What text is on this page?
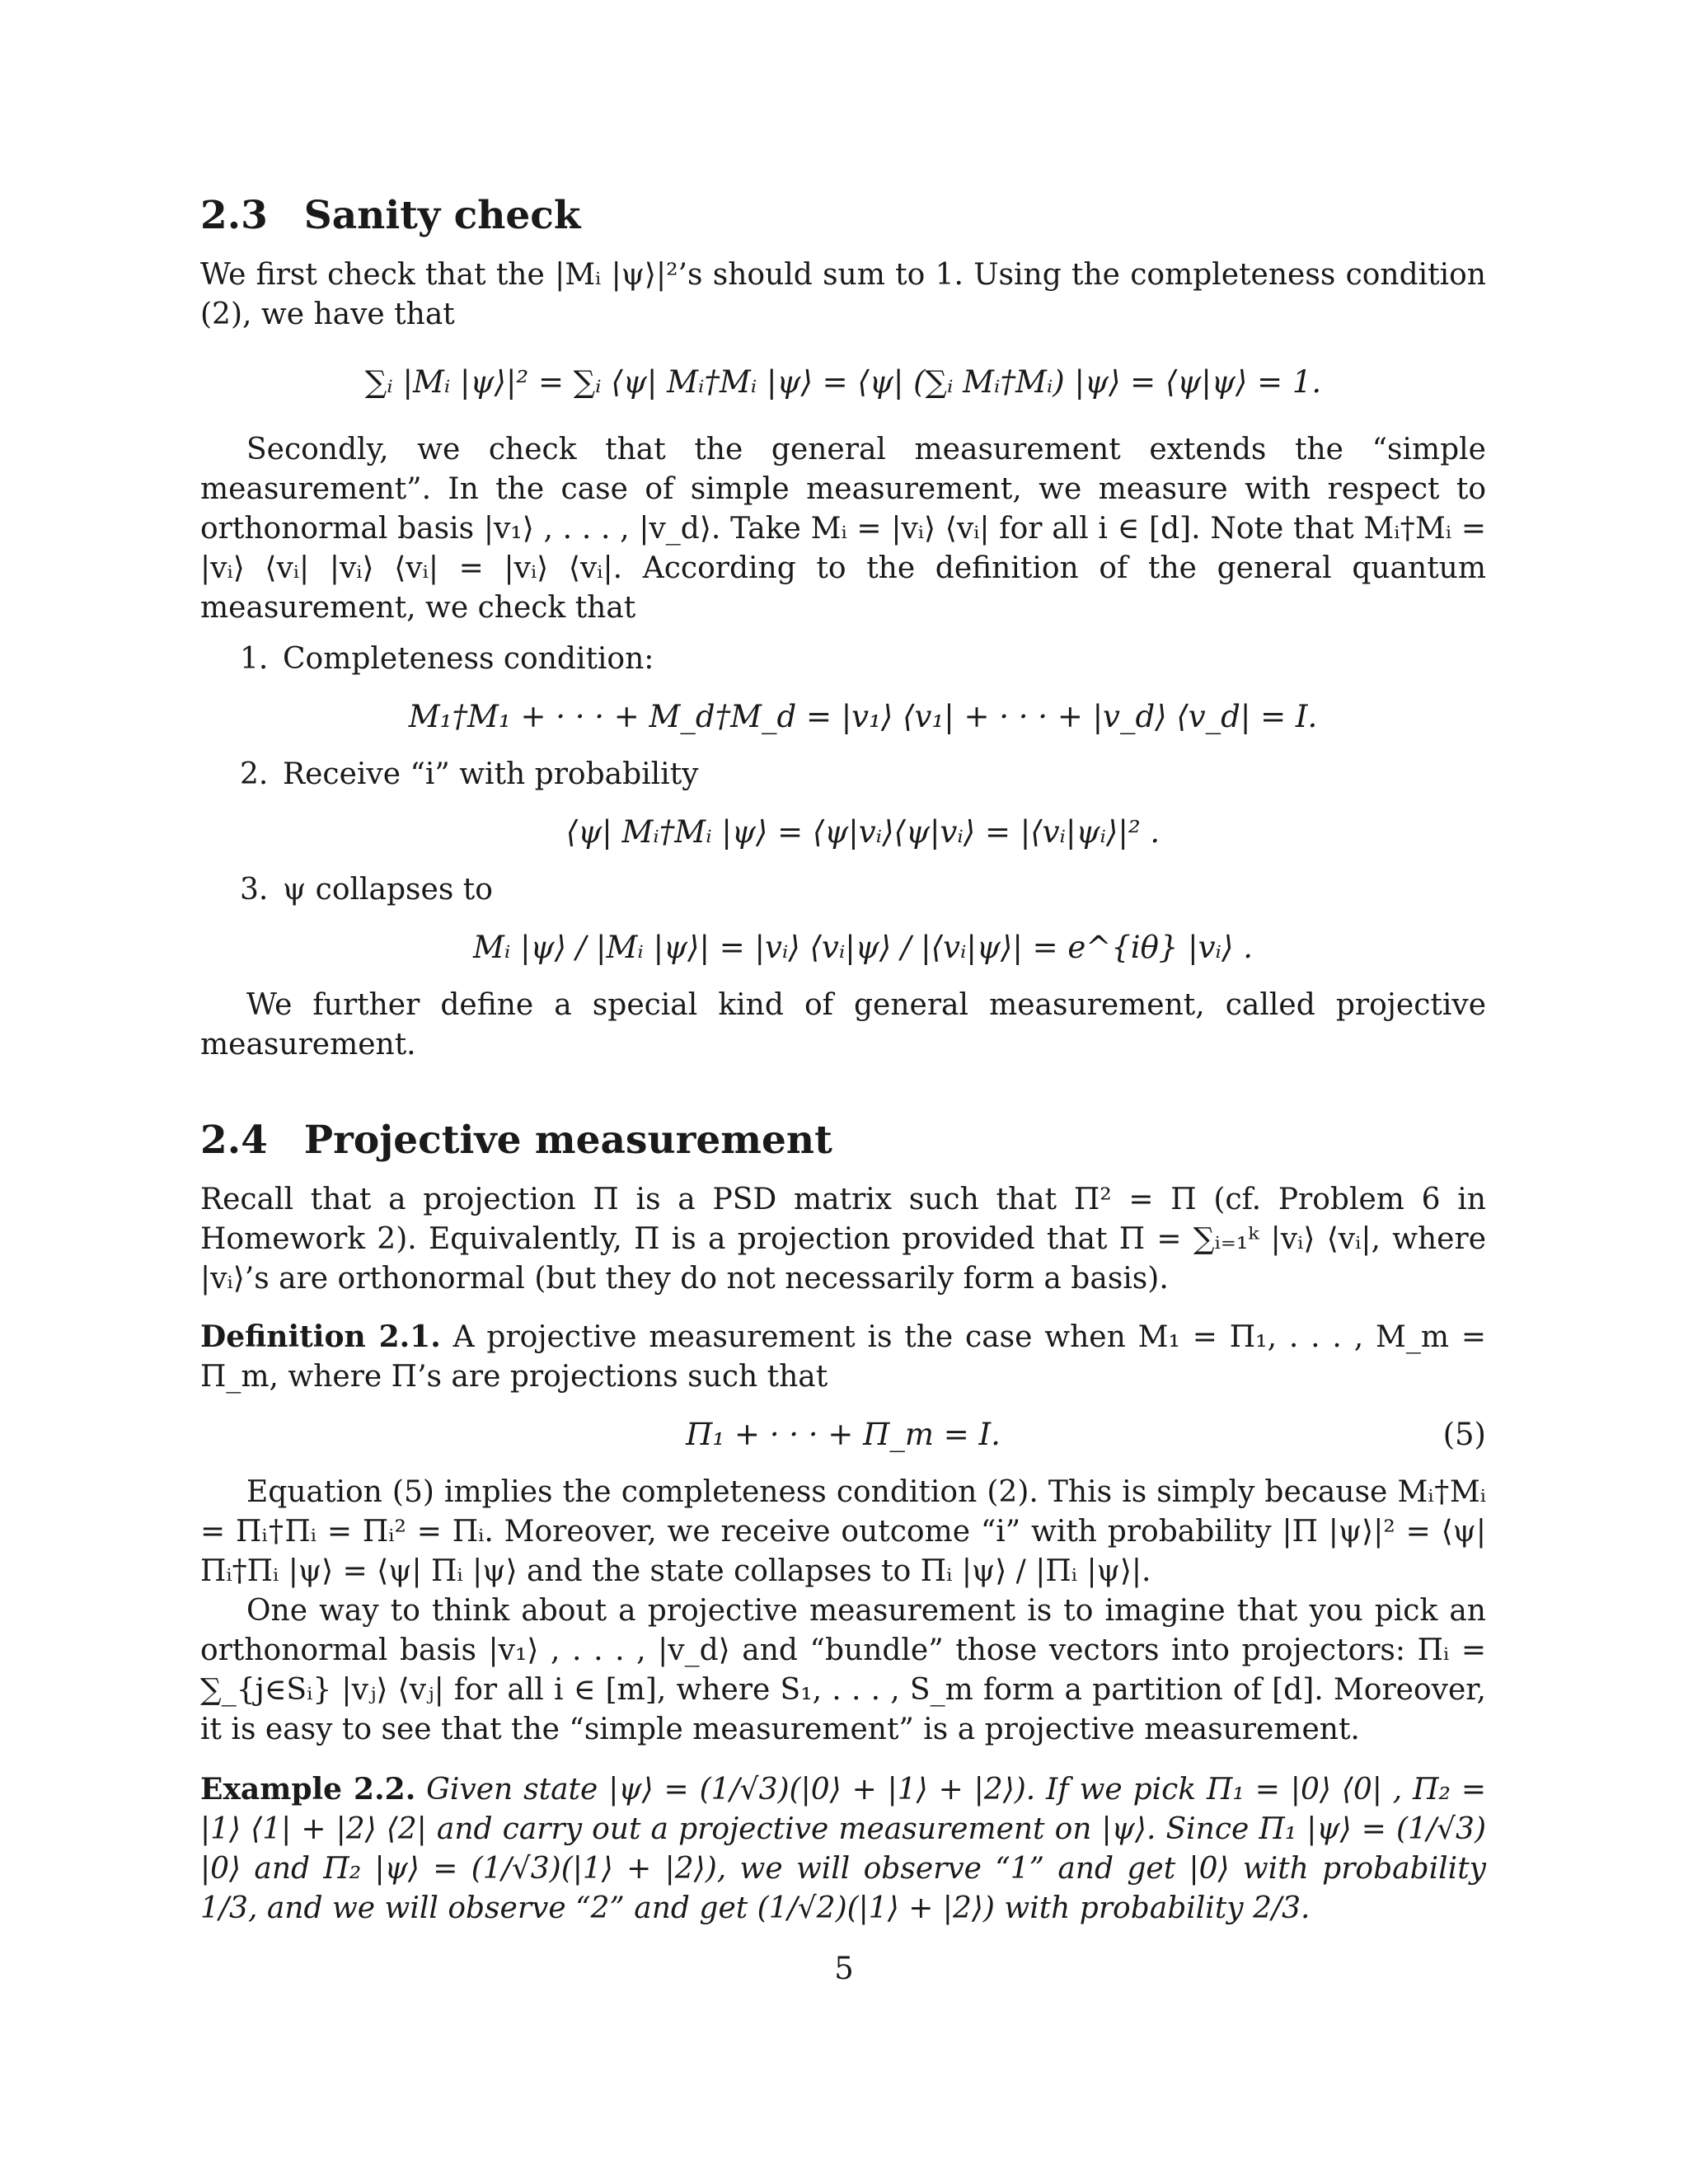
2.3 Sanity check

We first check that the |Mᵢ |ψ⟩|²’s should sum to 1. Using the completeness condition (2), we have that

∑ᵢ |Mᵢ |ψ⟩|² = ∑ᵢ ⟨ψ| Mᵢ†Mᵢ |ψ⟩ = ⟨ψ| (∑ᵢ Mᵢ†Mᵢ) |ψ⟩ = ⟨ψ|ψ⟩ = 1.

Secondly, we check that the general measurement extends the “simple measurement”. In the case of simple measurement, we measure with respect to orthonormal basis |v₁⟩ , . . . , |v_d⟩. Take Mᵢ = |vᵢ⟩ ⟨vᵢ| for all i ∈ [d]. Note that Mᵢ†Mᵢ = |vᵢ⟩ ⟨vᵢ| |vᵢ⟩ ⟨vᵢ| = |vᵢ⟩ ⟨vᵢ|. According to the definition of the general quantum measurement, we check that

1. Completeness condition:
M₁†M₁ + · · · + M_d†M_d = |v₁⟩ ⟨v₁| + · · · + |v_d⟩ ⟨v_d| = I.
2. Receive “i” with probability
⟨ψ| Mᵢ†Mᵢ |ψ⟩ = ⟨ψ|vᵢ⟩⟨ψ|vᵢ⟩ = |⟨vᵢ|ψᵢ⟩|² .
3. ψ collapses to
Mᵢ |ψ⟩ / |Mᵢ |ψ⟩| = |vᵢ⟩ ⟨vᵢ|ψ⟩ / |⟨vᵢ|ψ⟩| = e^{iθ} |vᵢ⟩ .

We further define a special kind of general measurement, called projective measurement.

2.4 Projective measurement

Recall that a projection Π is a PSD matrix such that Π² = Π (cf. Problem 6 in Homework 2). Equivalently, Π is a projection provided that Π = ∑ᵢ₌₁ᵏ |vᵢ⟩ ⟨vᵢ|, where |vᵢ⟩’s are orthonormal (but they do not necessarily form a basis).

Definition 2.1. A projective measurement is the case when M₁ = Π₁, . . . , M_m = Π_m, where Π’s are projections such that

Π₁ + · · · + Π_m = I.	(5)

Equation (5) implies the completeness condition (2). This is simply because Mᵢ†Mᵢ = Πᵢ†Πᵢ = Πᵢ² = Πᵢ. Moreover, we receive outcome “i” with probability |Π |ψ⟩|² = ⟨ψ| Πᵢ†Πᵢ |ψ⟩ = ⟨ψ| Πᵢ |ψ⟩ and the state collapses to Πᵢ |ψ⟩ / |Πᵢ |ψ⟩|.

One way to think about a projective measurement is to imagine that you pick an orthonormal basis |v₁⟩ , . . . , |v_d⟩ and “bundle” those vectors into projectors: Πᵢ = ∑_{j∈Sᵢ} |vⱼ⟩ ⟨vⱼ| for all i ∈ [m], where S₁, . . . , S_m form a partition of [d]. Moreover, it is easy to see that the “simple measurement” is a projective measurement.

Example 2.2. Given state |ψ⟩ = (1/√3)(|0⟩ + |1⟩ + |2⟩). If we pick Π₁ = |0⟩ ⟨0| , Π₂ = |1⟩ ⟨1| + |2⟩ ⟨2| and carry out a projective measurement on |ψ⟩. Since Π₁ |ψ⟩ = (1/√3) |0⟩ and Π₂ |ψ⟩ = (1/√3)(|1⟩ + |2⟩), we will observe “1” and get |0⟩ with probability 1/3, and we will observe “2” and get (1/√2)(|1⟩ + |2⟩) with probability 2/3.

5
